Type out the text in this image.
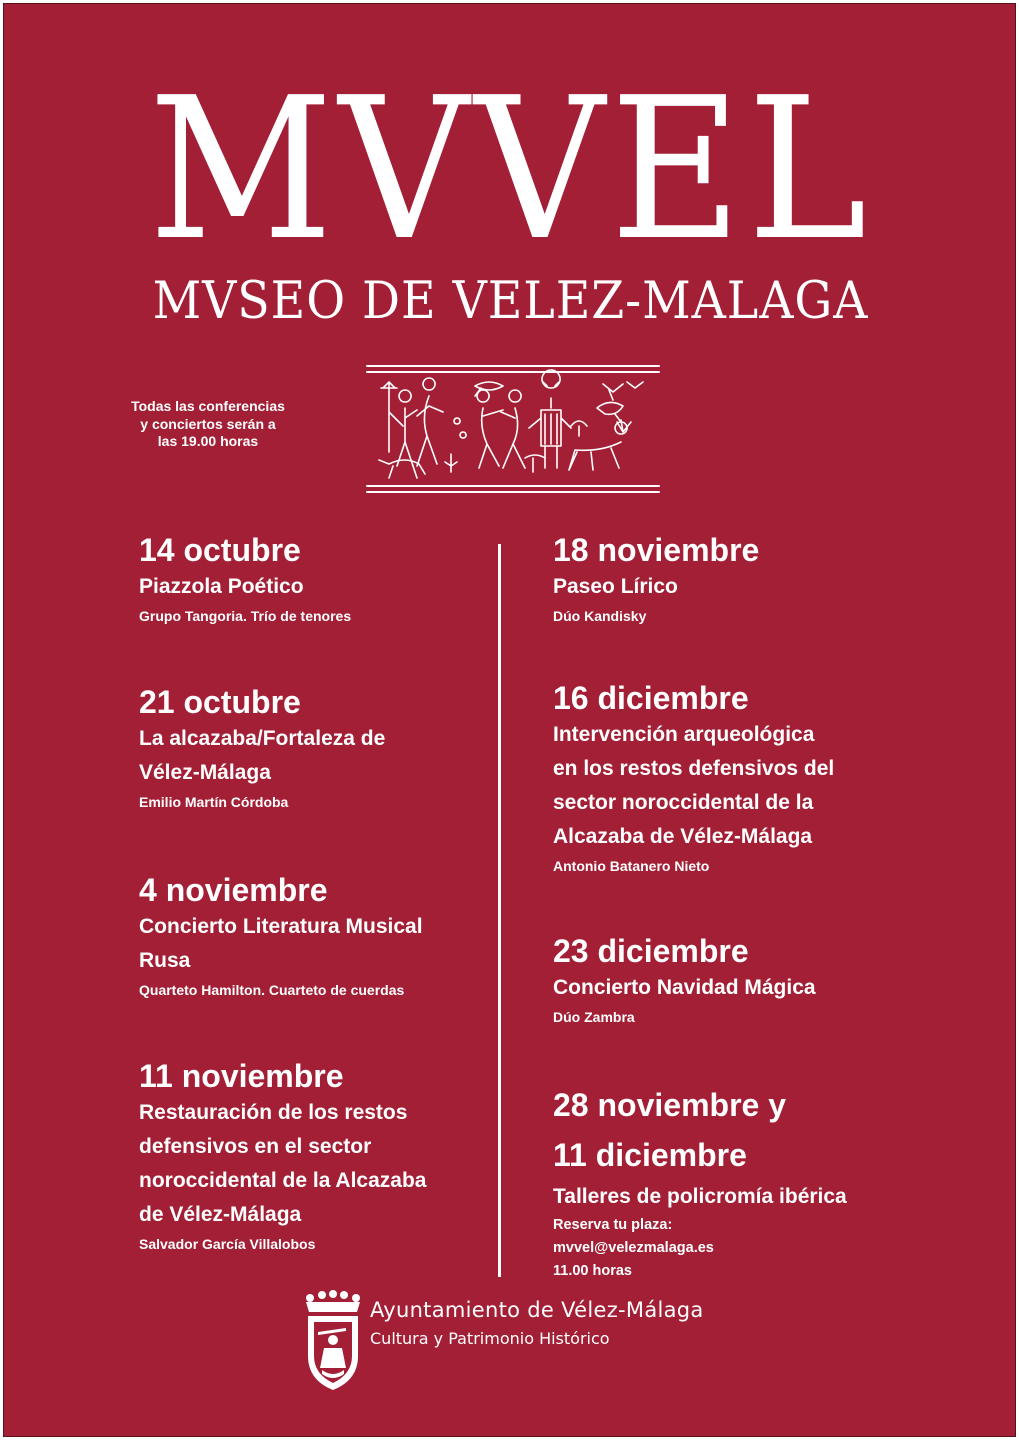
MVVEL
MVSEO DE VELEZ-MALAGA
Todas las conferencias
y conciertos serán a
las 19.00 horas
14 octubre
Piazzola Poético
Grupo Tangoria. Trío de tenores
21 octubre
La alcazaba/Fortaleza de
Vélez-Málaga
Emilio Martín Córdoba
4 noviembre
Concierto Literatura Musical
Rusa
Quarteto Hamilton. Cuarteto de cuerdas
11 noviembre
Restauración de los restos
defensivos en el sector
noroccidental de la Alcazaba
de Vélez-Málaga
Salvador García Villalobos
18 noviembre
Paseo Lírico
Dúo Kandisky
16 diciembre
Intervención arqueológica
en los restos defensivos del
sector noroccidental de la
Alcazaba de Vélez-Málaga
Antonio Batanero Nieto
23 diciembre
Concierto Navidad Mágica
Dúo Zambra
28 noviembre y
11 diciembre
Talleres de policromía ibérica
Reserva tu plaza:
mvvel@velezmalaga.es
11.00 horas
Ayuntamiento de Vélez-Málaga
Cultura y Patrimonio Histórico
